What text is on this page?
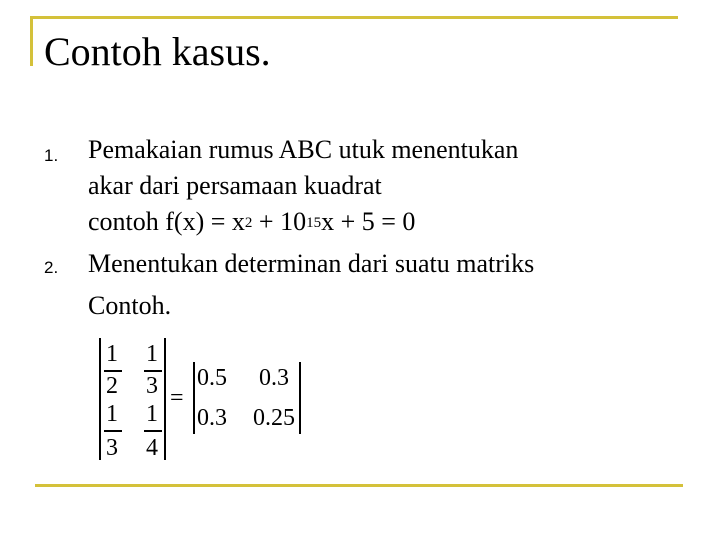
Contoh kasus.
1. Pemakaian rumus ABC utuk menentukan
akar dari persamaan kuadrat
contoh $f(x) = x^2 + 10^{15}x + 5 = 0$
2. Menentukan determinan dari suatu matriks
Contoh.
1
2
1
3
1
3
1
4
=
0.5 0.3
0.3 0.25
